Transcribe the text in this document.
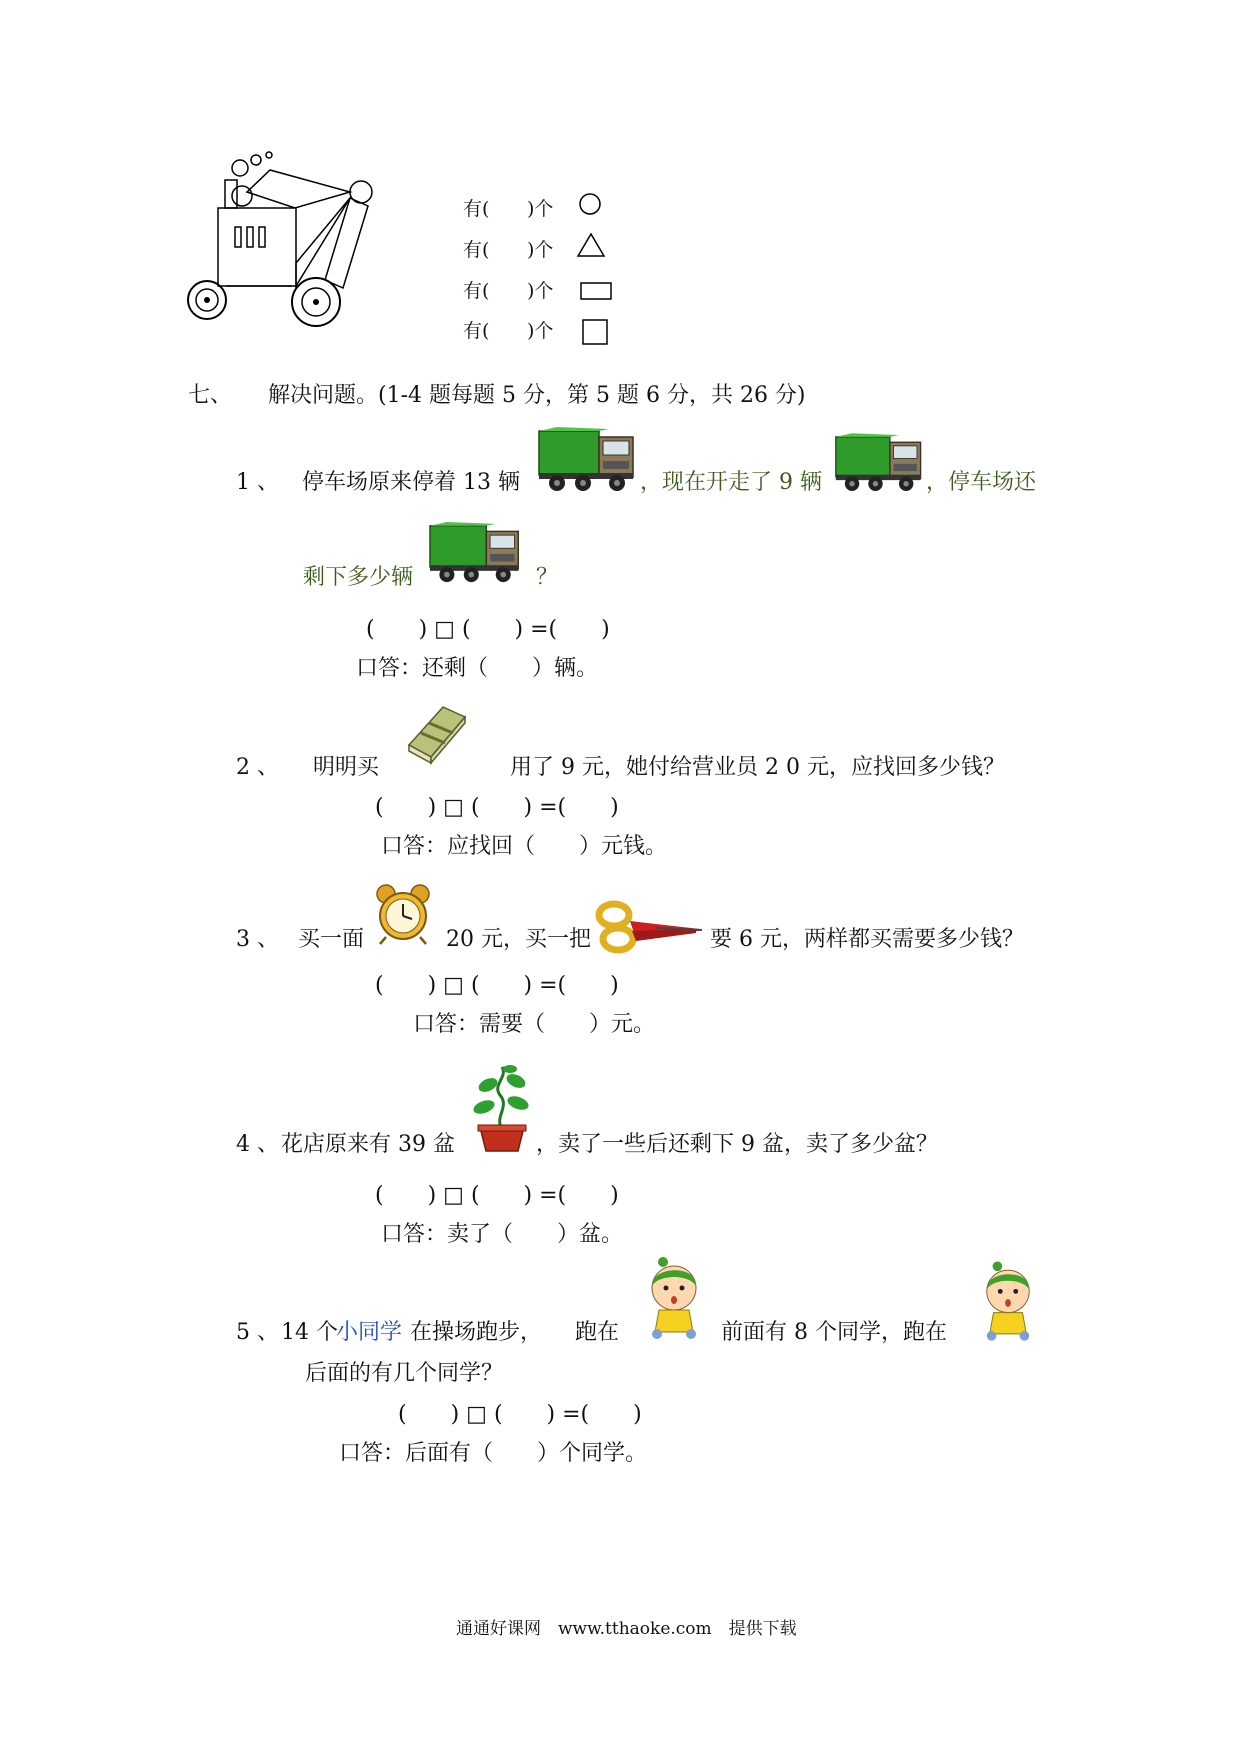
有( )个
有( )个
有( )个
有( )个
七、 解决问题。(1-4 题每题 5 分，第 5 题 6 分，共 26 分)
1 、 停车场原来停着 13 辆	，现在开走了 9 辆	，停车场还
剩下多少辆	？
(　　) □ (　　) =(　　)
口答：还剩（　　）辆。
2 、 明明买	用了 9 元，她付给营业员 2 0 元，应找回多少钱？
(　　) □ (　　) =(　　)
口答：应找回（　　）元钱。
3 、 买一面	20 元，买一把	要 6 元，两样都买需要多少钱？
(　　) □ (　　) =(　　)
口答：需要（　　）元。
4 、 花店原来有 39 盆	，卖了一些后还剩下 9 盆，卖了多少盆？
(　　) □ (　　) =(　　)
口答：卖了（　　）盆。
5 、 14 个
小同学 在操场跑步， 跑在	前面有 8 个同学，跑在
后面的有几个同学？
(　　) □ (　　) =(　　)
口答：后面有（　　）个同学。
通通好课网　www.tthaoke.com　提供下载
